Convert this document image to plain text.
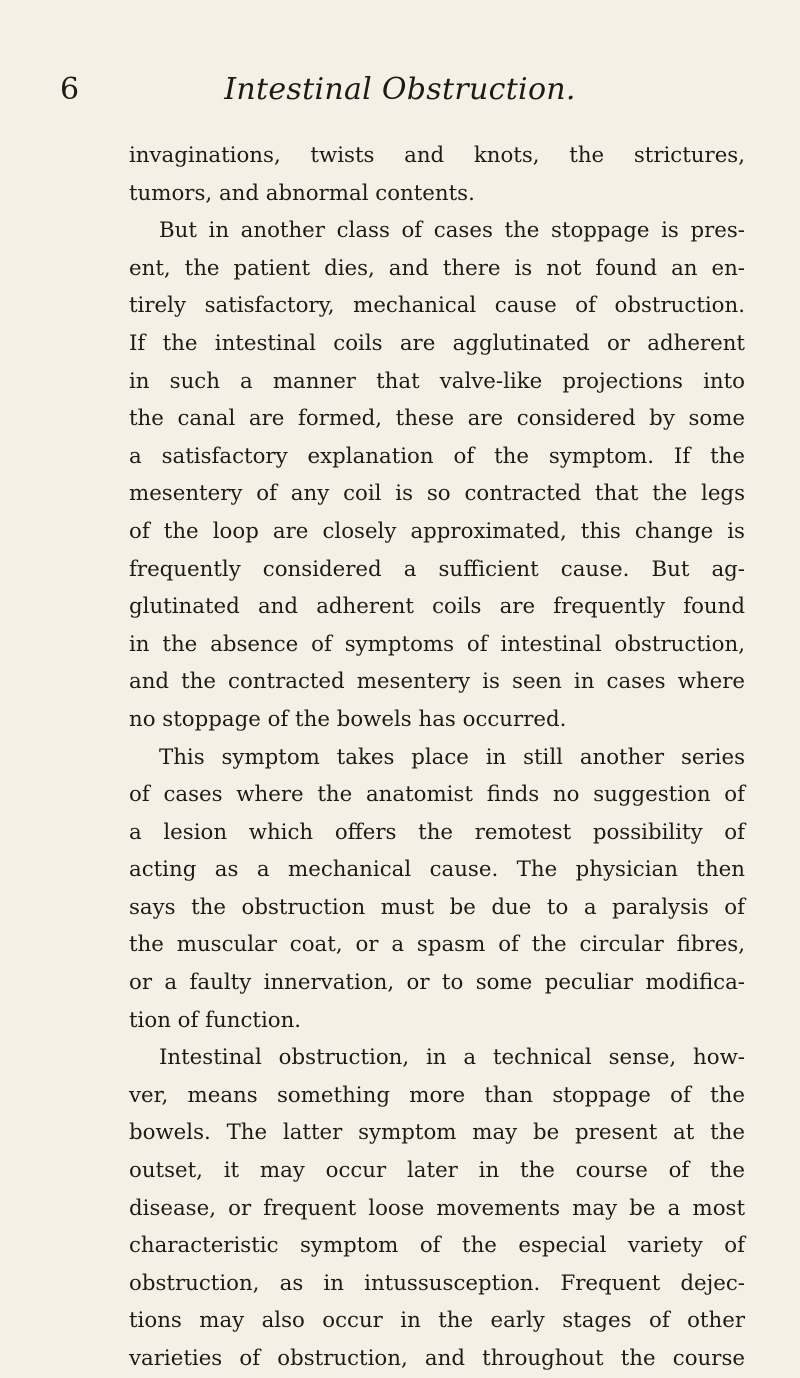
6	Intestinal Obstruction.
invaginations, twists and knots, the strictures,
tumors, and abnormal contents.
But in another class of cases the stoppage is pres-
ent, the patient dies, and there is not found an en-
tirely satisfactory, mechanical cause of obstruction.
If the intestinal coils are agglutinated or adherent
in such a manner that valve-like projections into
the canal are formed, these are considered by some
a satisfactory explanation of the symptom. If the
mesentery of any coil is so contracted that the legs
of the loop are closely approximated, this change is
frequently considered a sufficient cause. But ag-
glutinated and adherent coils are frequently found
in the absence of symptoms of intestinal obstruction,
and the contracted mesentery is seen in cases where
no stoppage of the bowels has occurred.
This symptom takes place in still another series
of cases where the anatomist finds no suggestion of
a lesion which offers the remotest possibility of
acting as a mechanical cause. The physician then
says the obstruction must be due to a paralysis of
the muscular coat, or a spasm of the circular fibres,
or a faulty innervation, or to some peculiar modifica-
tion of function.
Intestinal obstruction, in a technical sense, how-
ver, means something more than stoppage of the
bowels. The latter symptom may be present at the
outset, it may occur later in the course of the
disease, or frequent loose movements may be a most
characteristic symptom of the especial variety of
obstruction, as in intussusception. Frequent dejec-
tions may also occur in the early stages of other
varieties of obstruction, and throughout the course
